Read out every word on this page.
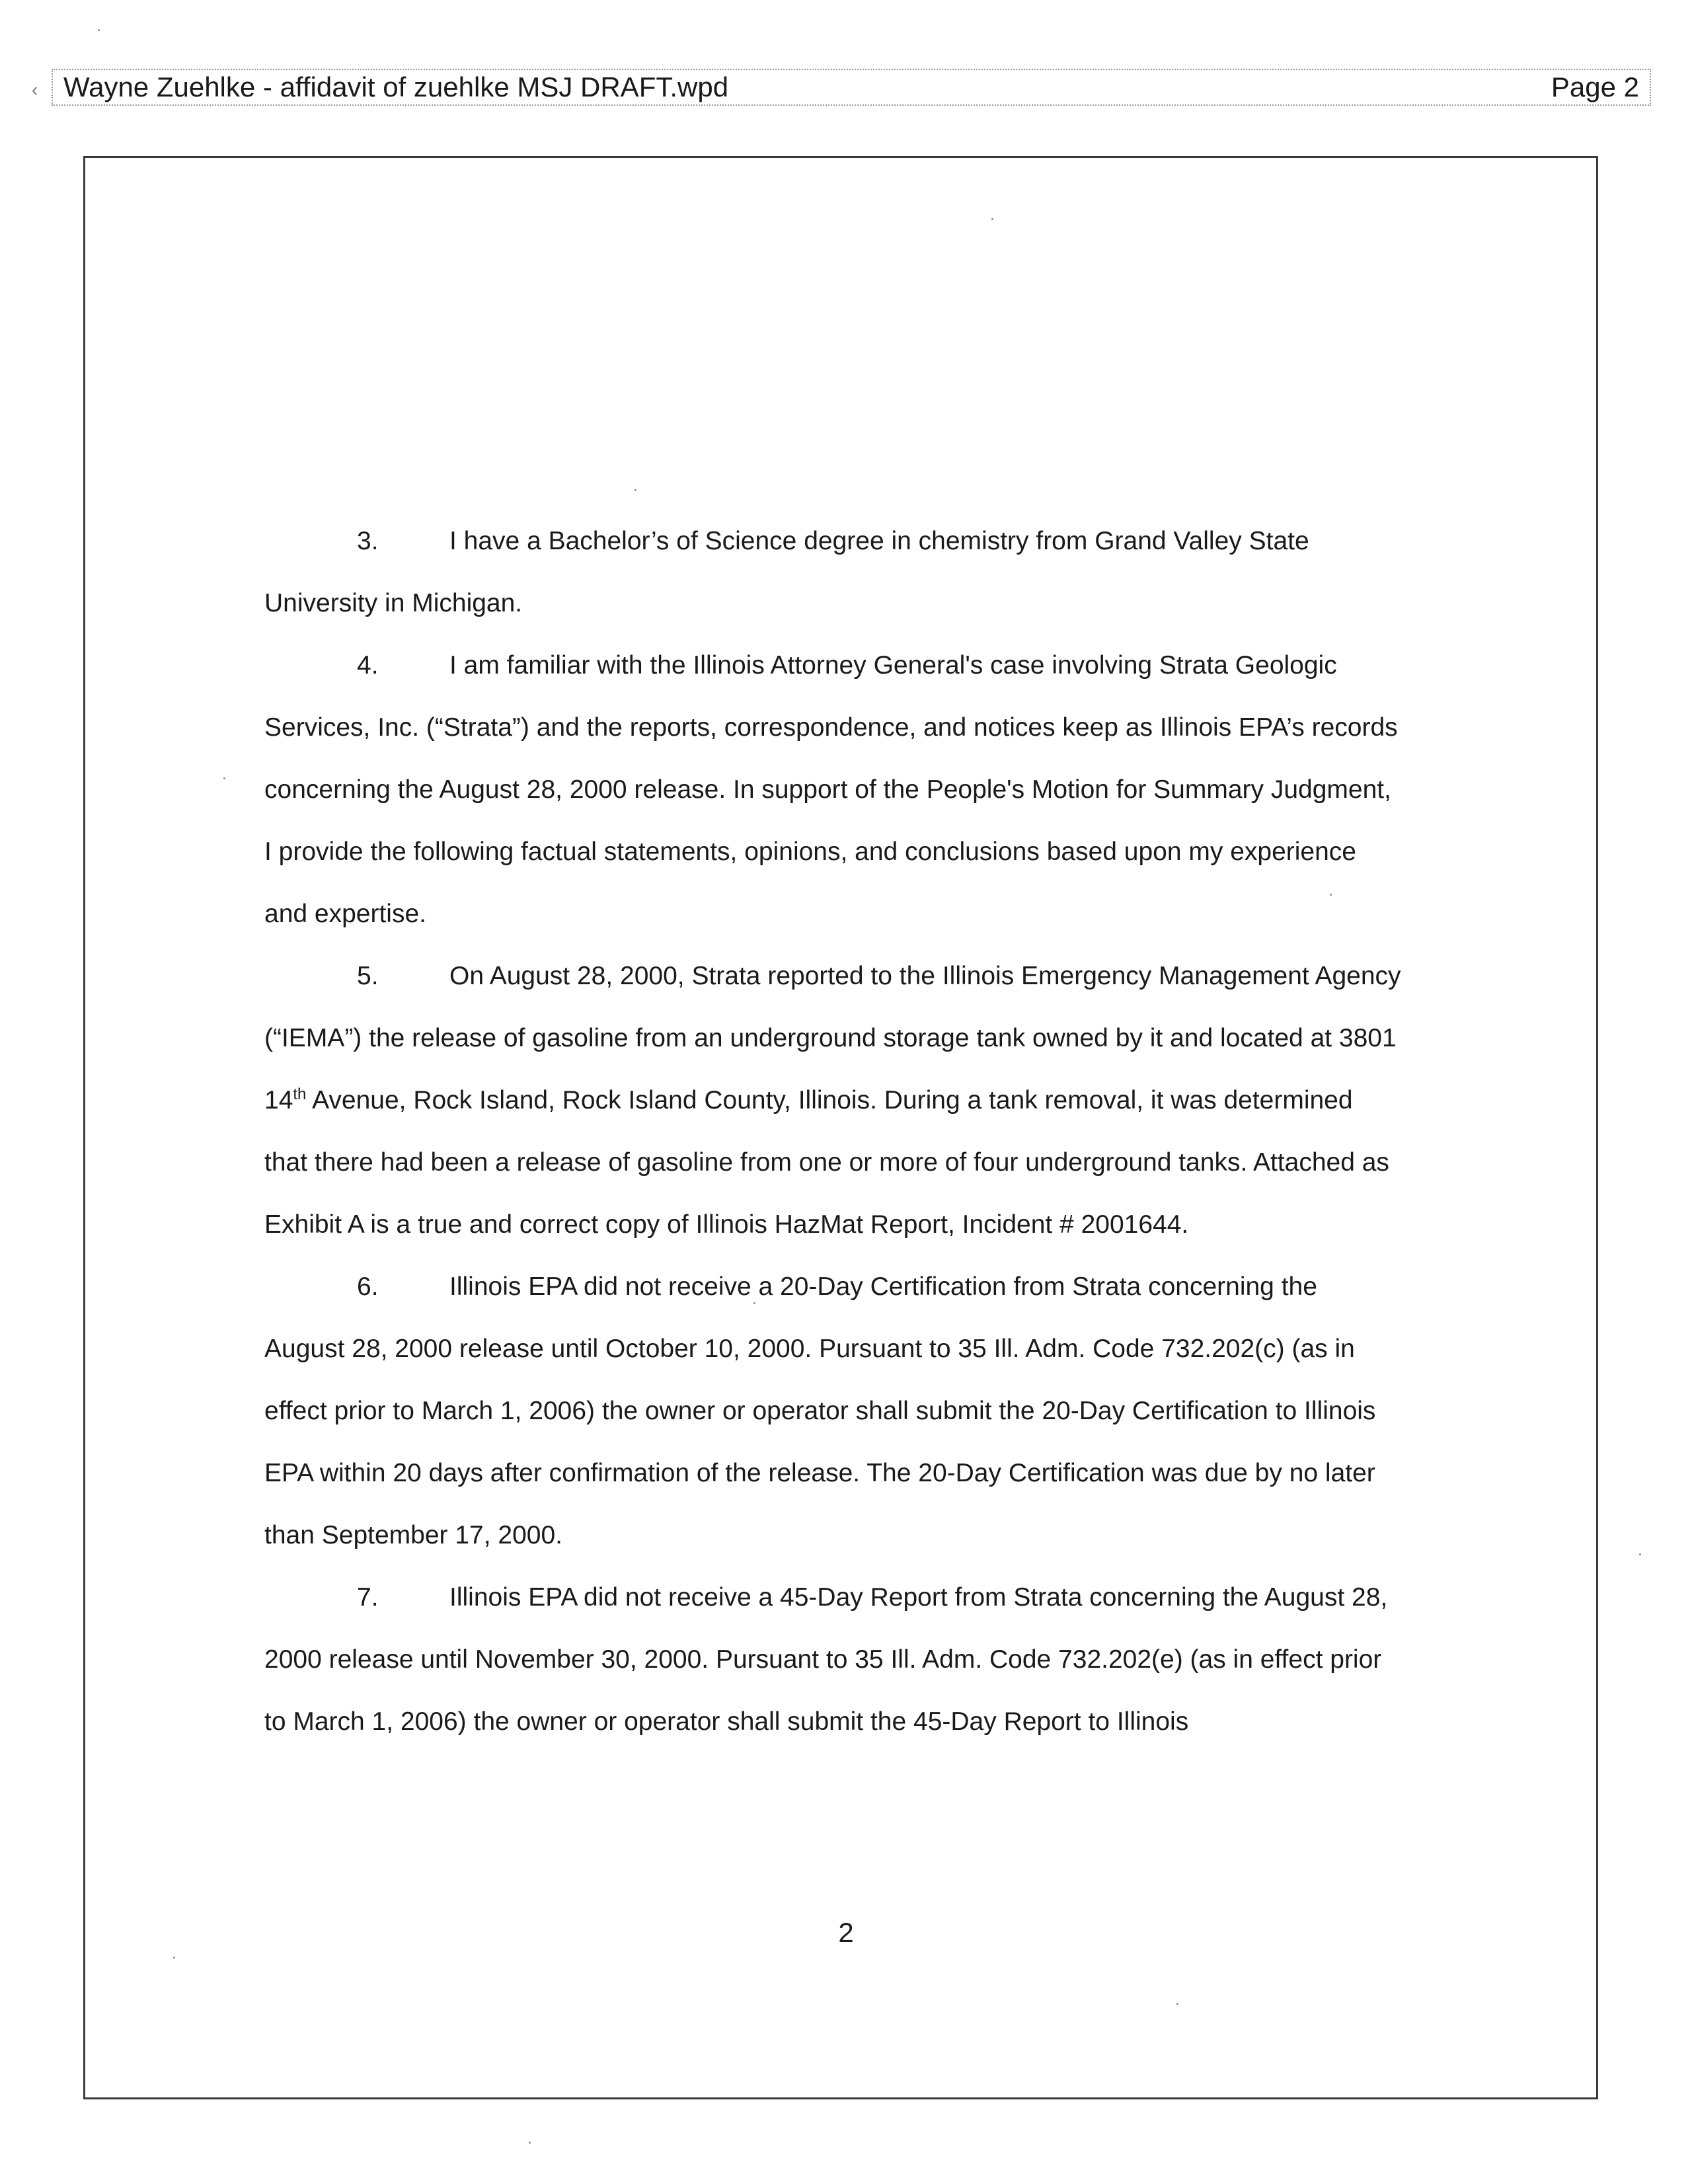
‹ Wayne Zuehlke - affidavit of zuehlke MSJ DRAFT.wpd	Page 2

3.	I have a Bachelor’s of Science degree in chemistry from Grand Valley State University in Michigan.

4.	I am familiar with the Illinois Attorney General's case involving Strata Geologic Services, Inc. (“Strata”) and the reports, correspondence, and notices keep as Illinois EPA’s records concerning the August 28, 2000 release. In support of the People's Motion for Summary Judgment, I provide the following factual statements, opinions, and conclusions based upon my experience and expertise.

5.	On August 28, 2000, Strata reported to the Illinois Emergency Management Agency (“IEMA”) the release of gasoline from an underground storage tank owned by it and located at 3801 14th Avenue, Rock Island, Rock Island County, Illinois. During a tank removal, it was determined that there had been a release of gasoline from one or more of four underground tanks. Attached as Exhibit A is a true and correct copy of Illinois HazMat Report, Incident # 2001644.

6.	Illinois EPA did not receive a 20-Day Certification from Strata concerning the August 28, 2000 release until October 10, 2000. Pursuant to 35 Ill. Adm. Code 732.202(c) (as in effect prior to March 1, 2006) the owner or operator shall submit the 20-Day Certification to Illinois EPA within 20 days after confirmation of the release. The 20-Day Certification was due by no later than September 17, 2000.

7.	Illinois EPA did not receive a 45-Day Report from Strata concerning the August 28, 2000 release until November 30, 2000. Pursuant to 35 Ill. Adm. Code 732.202(e) (as in effect prior to March 1, 2006) the owner or operator shall submit the 45-Day Report to Illinois

2
